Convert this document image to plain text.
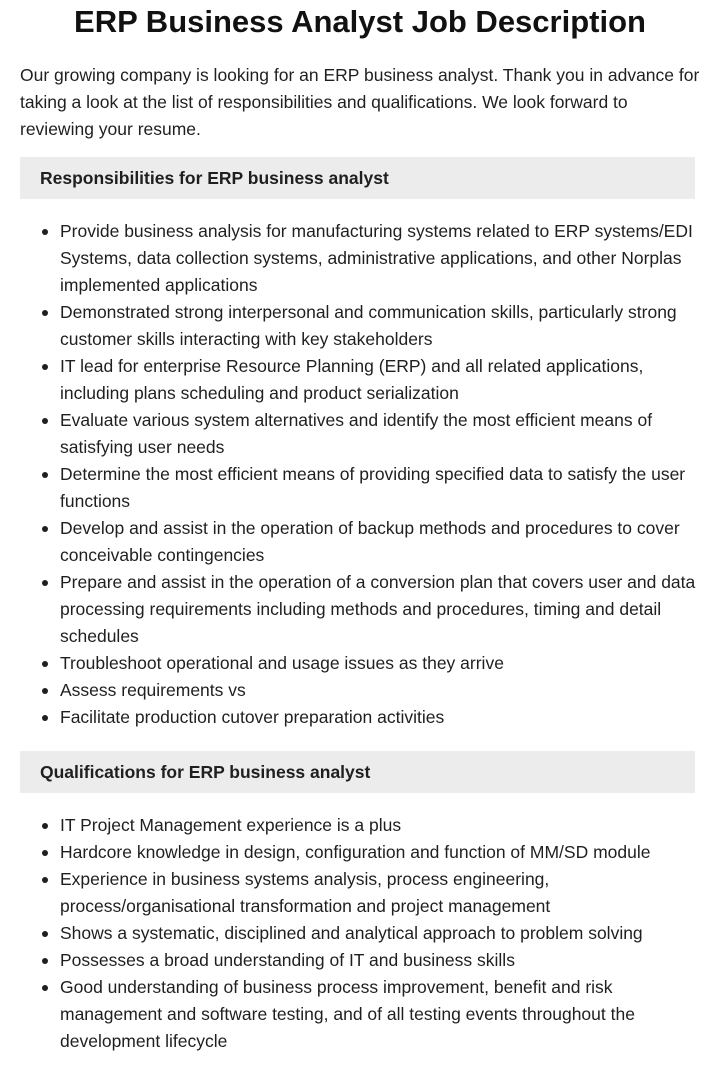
ERP Business Analyst Job Description

Our growing company is looking for an ERP business analyst. Thank you in advance for taking a look at the list of responsibilities and qualifications. We look forward to reviewing your resume.

Responsibilities for ERP business analyst
Provide business analysis for manufacturing systems related to ERP systems/EDI Systems, data collection systems, administrative applications, and other Norplas implemented applications
Demonstrated strong interpersonal and communication skills, particularly strong customer skills interacting with key stakeholders
IT lead for enterprise Resource Planning (ERP) and all related applications, including plans scheduling and product serialization
Evaluate various system alternatives and identify the most efficient means of satisfying user needs
Determine the most efficient means of providing specified data to satisfy the user functions
Develop and assist in the operation of backup methods and procedures to cover conceivable contingencies
Prepare and assist in the operation of a conversion plan that covers user and data processing requirements including methods and procedures, timing and detail schedules
Troubleshoot operational and usage issues as they arrive
Assess requirements vs
Facilitate production cutover preparation activities
Qualifications for ERP business analyst
IT Project Management experience is a plus
Hardcore knowledge in design, configuration and function of MM/SD module
Experience in business systems analysis, process engineering, process/organisational transformation and project management
Shows a systematic, disciplined and analytical approach to problem solving
Possesses a broad understanding of IT and business skills
Good understanding of business process improvement, benefit and risk management and software testing, and of all testing events throughout the development lifecycle
